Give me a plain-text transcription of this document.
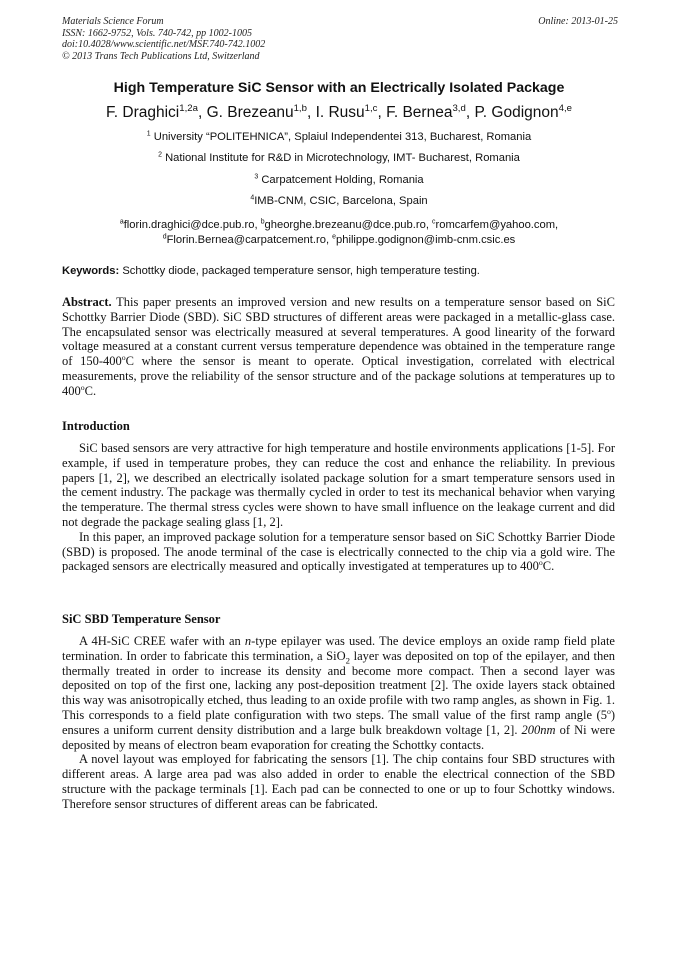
Materials Science Forum
ISSN: 1662-9752, Vols. 740-742, pp 1002-1005
doi:10.4028/www.scientific.net/MSF.740-742.1002
© 2013 Trans Tech Publications Ltd, Switzerland
Online: 2013-01-25
High Temperature SiC Sensor with an Electrically Isolated Package
F. Draghici$^{1,2a}$, G. Brezeanu$^{1,b}$, I. Rusu$^{1,c}$, F. Bernea$^{3,d}$, P. Godignon$^{4,e}$
$^1$ University “POLITEHNICA”, Splaiul Independentei 313, Bucharest, Romania
$^2$ National Institute for R&D in Microtechnology, IMT- Bucharest, Romania
$^3$ Carpatcement Holding, Romania
$^4$IMB-CNM, CSIC, Barcelona, Spain
$^a$florin.draghici@dce.pub.ro, $^b$gheorghe.brezeanu@dce.pub.ro, $^c$romcarfem@yahoo.com,
$^d$Florin.Bernea@carpatcement.ro, $^e$philippe.godignon@imb-cnm.csic.es
Keywords: Schottky diode, packaged temperature sensor, high temperature testing.

Abstract. This paper presents an improved version and new results on a temperature sensor based on SiC Schottky Barrier Diode (SBD). SiC SBD structures of different areas were packaged in a metallic-glass case. The encapsulated sensor was electrically measured at several temperatures. A good linearity of the forward voltage measured at a constant current versus temperature dependence was obtained in the temperature range of 150-400$^o$C where the sensor is meant to operate. Optical investigation, correlated with electrical measurements, prove the reliability of the sensor structure and of the package solutions at temperatures up to 400$^o$C.

Introduction

SiC based sensors are very attractive for high temperature and hostile environments applications [1-5]. For example, if used in temperature probes, they can reduce the cost and enhance the reliability. In previous papers [1, 2], we described an electrically isolated package solution for a smart temperature sensors used in the cement industry. The package was thermally cycled in order to test its mechanical behavior when varying the temperature. The thermal stress cycles were shown to have small influence on the leakage current and did not degrade the package sealing glass [1, 2].

In this paper, an improved package solution for a temperature sensor based on SiC Schottky Barrier Diode (SBD) is proposed. The anode terminal of the case is electrically connected to the chip via a gold wire. The packaged sensors are electrically measured and optically investigated at temperatures up to 400$^o$C.

SiC SBD Temperature Sensor

A 4H-SiC CREE wafer with an n-type epilayer was used. The device employs an oxide ramp field plate termination. In order to fabricate this termination, a SiO$_2$ layer was deposited on top of the epilayer, and then thermally treated in order to increase its density and become more compact. Then a second layer was deposited on top of the first one, lacking any post-deposition treatment [2]. The oxide layers stack obtained this way was anisotropically etched, thus leading to an oxide profile with two ramp angles, as shown in Fig. 1. This corresponds to a field plate configuration with two steps. The small value of the first ramp angle (5$^o$) ensures a uniform current density distribution and a large bulk breakdown voltage [1, 2]. 200nm of Ni were deposited by means of electron beam evaporation for creating the Schottky contacts.

A novel layout was employed for fabricating the sensors [1]. The chip contains four SBD structures with different areas. A large area pad was also added in order to enable the electrical connection of the SBD structure with the package terminals [1]. Each pad can be connected to one or up to four Schottky windows. Therefore sensor structures of different areas can be fabricated.
